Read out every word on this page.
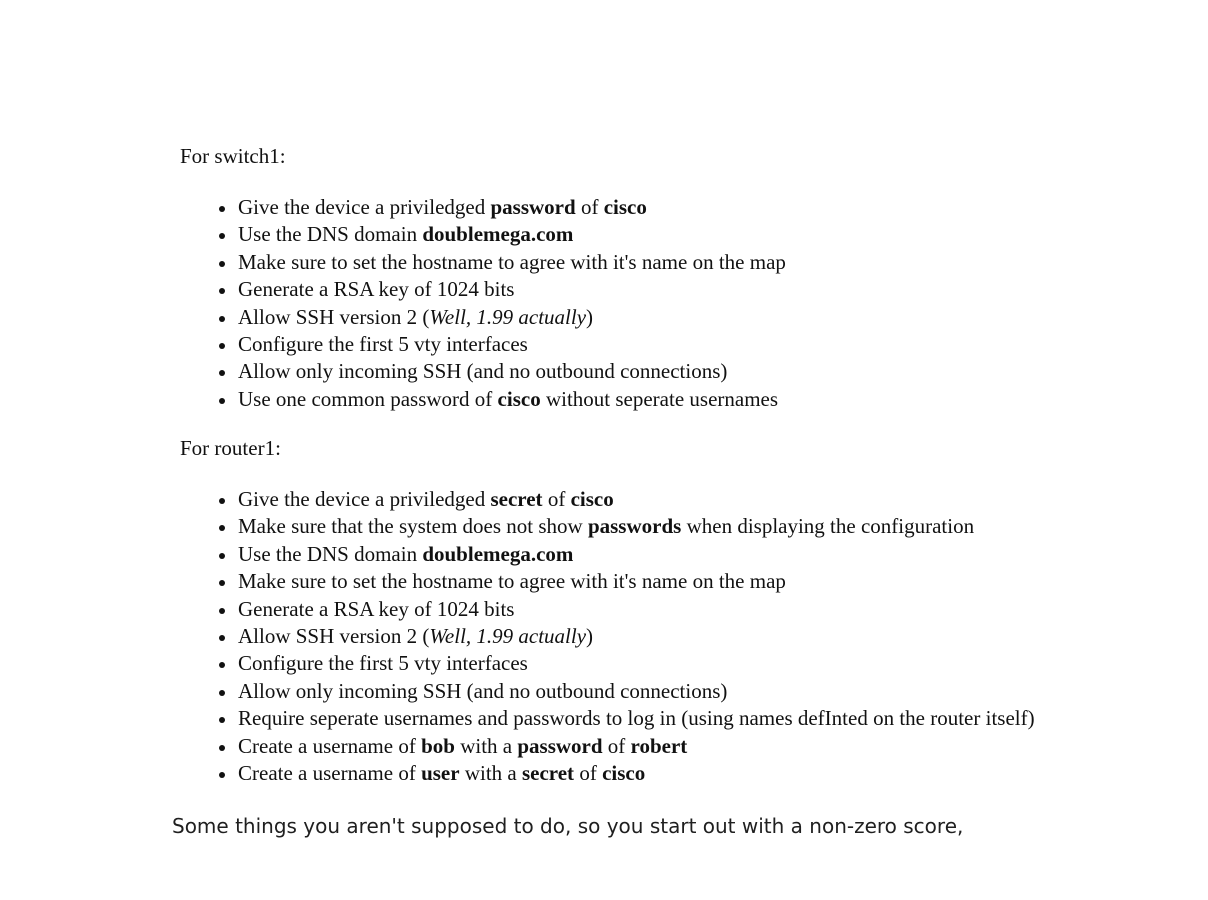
For switch1:

Give the device a priviledged password of cisco
Use the DNS domain doublemega.com
Make sure to set the hostname to agree with it's name on the map
Generate a RSA key of 1024 bits
Allow SSH version 2 (Well, 1.99 actually)
Configure the first 5 vty interfaces
Allow only incoming SSH (and no outbound connections)
Use one common password of cisco without seperate usernames

For router1:

Give the device a priviledged secret of cisco
Make sure that the system does not show passwords when displaying the configuration
Use the DNS domain doublemega.com
Make sure to set the hostname to agree with it's name on the map
Generate a RSA key of 1024 bits
Allow SSH version 2 (Well, 1.99 actually)
Configure the first 5 vty interfaces
Allow only incoming SSH (and no outbound connections)
Require seperate usernames and passwords to log in (using names defInted on the router itself)
Create a username of bob with a password of robert
Create a username of user with a secret of cisco

Some things you aren't supposed to do, so you start out with a non-zero score,
